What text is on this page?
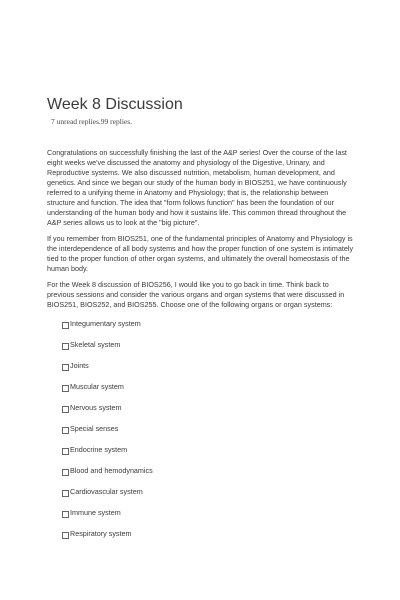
Week 8 Discussion
7 unread replies.99 replies.

Congratulations on successfully finishing the last of the A&P series! Over the course of the last eight weeks we've discussed the anatomy and physiology of the Digestive, Urinary, and Reproductive systems. We also discussed nutrition, metabolism, human development, and genetics. And since we began our study of the human body in BIOS251, we have continuously referred to a unifying theme in Anatomy and Physiology; that is, the relationship between structure and function. The idea that "form follows function" has been the foundation of our understanding of the human body and how it sustains life. This common thread throughout the A&P series allows us to look at the "big picture".

If you remember from BIOS251, one of the fundamental principles of Anatomy and Physiology is the interdependence of all body systems and how the proper function of one system is intimately tied to the proper function of other organ systems, and ultimately the overall homeostasis of the human body.

For the Week 8 discussion of BIOS256, I would like you to go back in time. Think back to previous sessions and consider the various organs and organ systems that were discussed in BIOS251, BIOS252, and BIOS255. Choose one of the following organs or organ systems:

Integumentary system
Skeletal system
Joints
Muscular system
Nervous system
Special senses
Endocrine system
Blood and hemodynamics
Cardiovascular system
Immune system
Respiratory system
